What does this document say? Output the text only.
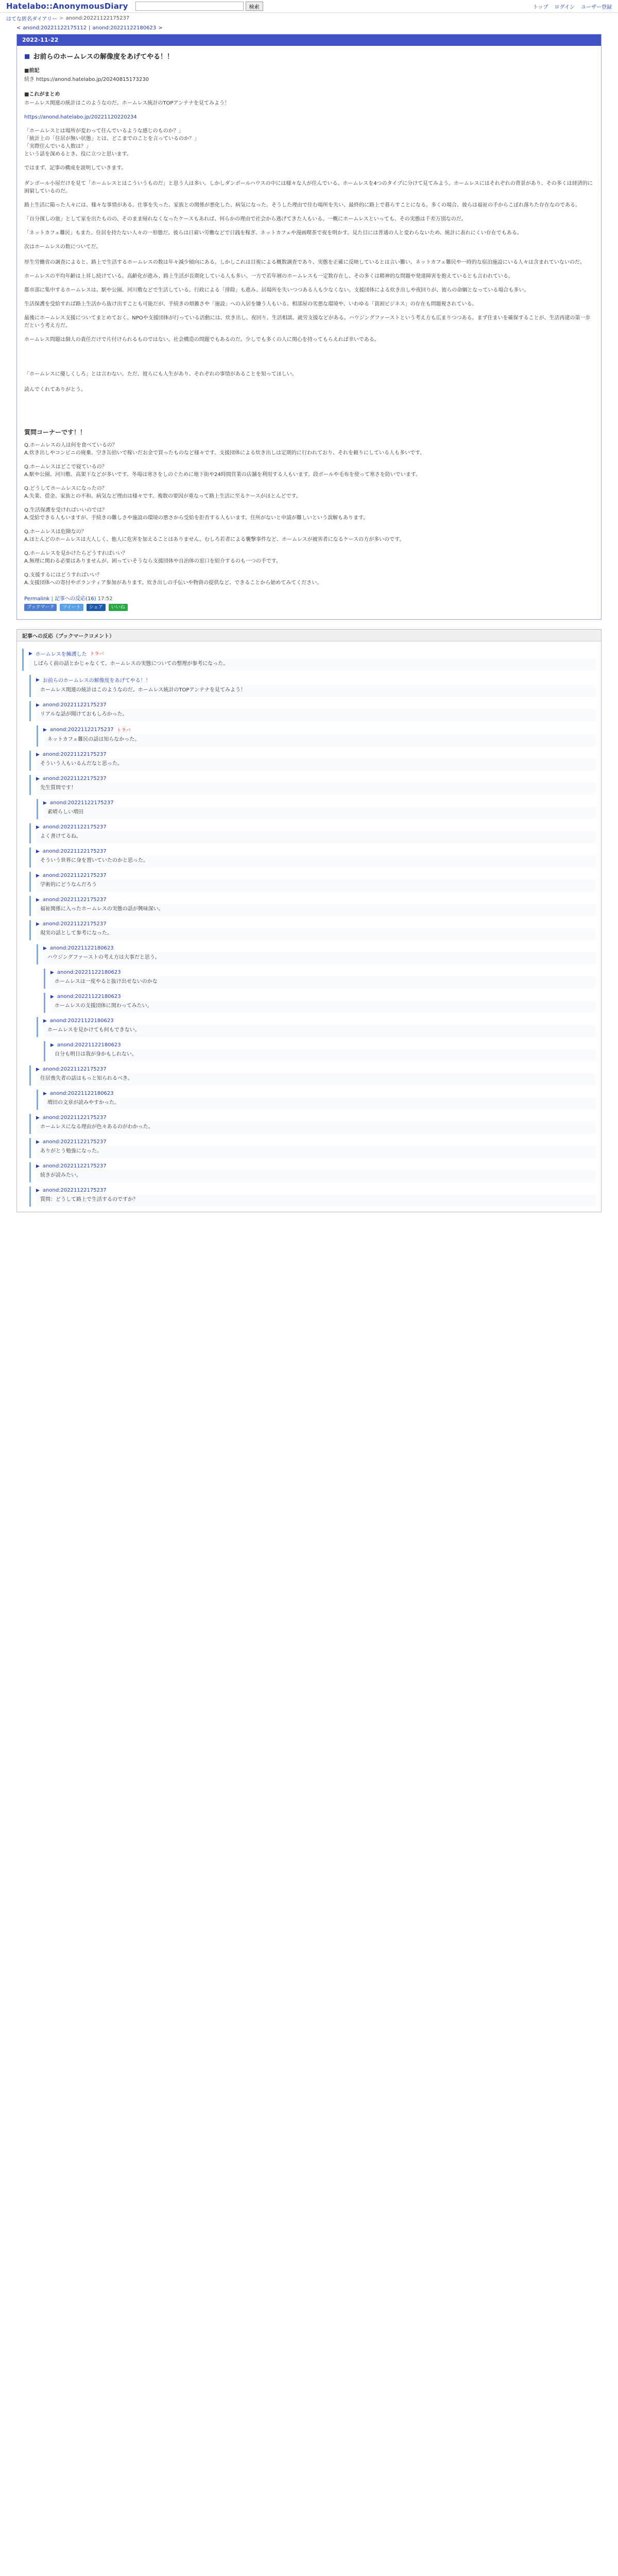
Hatelabo::AnonymousDiary	検索	トップ ログイン ユーザー登録
はてな匿名ダイアリー > anond:20221122175237
< anond:20221122175112 | anond:20221122180623 >
2022-11-22
■ お前らのホームレスの解像度をあげてやる！！
■前記
続き https://anond.hatelabo.jp/20240815173230
■これがまとめ
ホームレス関連の統計はこのようなのだ。ホームレス統計のTOPアンテナを見てみよう！
https://anond.hatelabo.jp/20221120220234
「ホームレスとは場所が変わって住んでいるような感じのものか？」
「統計上の「住居が無い状態」とは、どこまでのことを言っているのか？」
「実際住んでいる人数は？」
という話を深めるとき、役に立つと思います。
ではまず、記事の構成を説明していきます。

ダンボール小屋だけを見て「ホームレスとはこういうものだ」と思う人は多い。しかしダンボールハウスの中には様々な人が住んでいる。ホームレスを4つのタイプに分けて見てみよう。ホームレスにはそれぞれの背景があり、その多くは経済的に困窮しているのだ。
路上生活に陥った人々には、様々な事情がある。仕事を失った、家族との関係が悪化した、病気になった。そうした理由で住む場所を失い、最終的に路上で暮らすことになる。多くの場合、彼らは福祉の手からこぼれ落ちた存在なのである。
「自分探しの旅」として家を出たものの、そのまま帰れなくなったケースもあれば、何らかの理由で社会から逃げてきた人もいる。一概にホームレスといっても、その実態は千差万別なのだ。
「ネットカフェ難民」もまた、住居を持たない人々の一形態だ。彼らは日雇い労働などで日銭を稼ぎ、ネットカフェや漫画喫茶で夜を明かす。見た目には普通の人と変わらないため、統計に表れにくい存在でもある。
次はホームレスの数についてだ。

厚生労働省の調査によると、路上で生活するホームレスの数は年々減少傾向にある。しかしこれは目視による概数調査であり、実態を正確に反映しているとは言い難い。ネットカフェ難民や一時的な宿泊施設にいる人々は含まれていないのだ。
ホームレスの平均年齢は上昇し続けている。高齢化が進み、路上生活が長期化している人も多い。一方で若年層のホームレスも一定数存在し、その多くは精神的な問題や発達障害を抱えているとも言われている。
都市部に集中するホームレスは、駅や公園、河川敷などで生活している。行政による「排除」も進み、居場所を失いつつある人も少なくない。支援団体による炊き出しや夜回りが、彼らの命綱となっている場合も多い。
生活保護を受給すれば路上生活から抜け出すことも可能だが、手続きの煩雑さや「施設」への入居を嫌う人もいる。相部屋の劣悪な環境や、いわゆる「貧困ビジネス」の存在も問題視されている。
最後にホームレス支援についてまとめておく。NPOや支援団体が行っている活動には、炊き出し、夜回り、生活相談、就労支援などがある。ハウジングファーストという考え方も広まりつつある。まず住まいを確保することが、生活再建の第一歩だという考え方だ。
ホームレス問題は個人の責任だけで片付けられるものではない。社会構造の問題でもあるのだ。少しでも多くの人に関心を持ってもらえれば幸いである。
「ホームレスに優しくしろ」とは言わない。ただ、彼らにも人生があり、それぞれの事情があることを知ってほしい。

読んでくれてありがとう。
質問コーナーです！！
Q.ホームレスの人は何を食べているの？
A.炊き出しやコンビニの廃棄、空き缶拾いで稼いだお金で買ったものなど様々です。支援団体による炊き出しは定期的に行われており、それを頼りにしている人も多いです。
Q.ホームレスはどこで寝ているの？
A.駅や公園、河川敷、高架下などが多いです。冬場は寒さをしのぐために地下街や24時間営業の店舗を利用する人もいます。段ボールや毛布を使って寒さを防いでいます。
Q.どうしてホームレスになったの？
A.失業、借金、家族との不和、病気など理由は様々です。複数の要因が重なって路上生活に至るケースがほとんどです。
Q.生活保護を受ければいいのでは？
A.受給できる人もいますが、手続きの難しさや施設の環境の悪さから受給を拒否する人もいます。住所がないと申請が難しいという誤解もあります。
Q.ホームレスは危険なの？
A.ほとんどのホームレスは大人しく、他人に危害を加えることはありません。むしろ若者による襲撃事件など、ホームレスが被害者になるケースの方が多いのです。
Q.ホームレスを見かけたらどうすればいい？
A.無理に関わる必要はありませんが、困っていそうなら支援団体や自治体の窓口を紹介するのも一つの手です。
Q.支援するにはどうすればいい？
A.支援団体への寄付やボランティア参加があります。炊き出しの手伝いや物資の提供など、できることから始めてみてください。
Permalink | 記事への反応(16) 17:52
ブックマーク	ツイート	シェア	いいね
記事への反応（ブックマークコメント）
▶ ホームレスを擁護した トラバ
しばらく前の話とかじゃなくて、ホームレスの実態についての整理が参考になった。
▶ お前らのホームレスの解像度をあげてやる！！
ホームレス関連の統計はこのようなのだ。ホームレス統計のTOPアンテナを見てみよう！
▶ anond:20221122175237
リアルな話が聞けておもしろかった。
▶ anond:20221122175237 トラバ
ネットカフェ難民の話は知らなかった。
▶ anond:20221122175237
そういう人もいるんだなと思った。
▶ anond:20221122175237
先生質問です！
▶ anond:20221122175237
素晴らしい増田
▶ anond:20221122175237
よく書けてるね。
▶ anond:20221122175237
そういう世界に身を置いていたのかと思った。
▶ anond:20221122175237
学術的にどうなんだろう
▶ anond:20221122175237
福祉関係に入ったホームレスの実態の話が興味深い。
▶ anond:20221122175237
現実の話として参考になった。
▶ anond:20221122180623
ハウジングファーストの考え方は大事だと思う。
▶ anond:20221122180623
ホームレスは一度やると抜け出せないのかな
▶ anond:20221122180623
ホームレスの支援団体に関わってみたい。
▶ anond:20221122180623
ホームレスを見かけても何もできない。
▶ anond:20221122180623
自分も明日は我が身かもしれない。
▶ anond:20221122175237
住居喪失者の話はもっと知られるべき。
▶ anond:20221122180623
増田の文章が読みやすかった。
▶ anond:20221122175237
ホームレスになる理由が色々あるのがわかった。
▶ anond:20221122175237
ありがとう勉強になった。
▶ anond:20221122175237
続きが読みたい。
▶ anond:20221122175237
質問：どうして路上で生活するのですか？
